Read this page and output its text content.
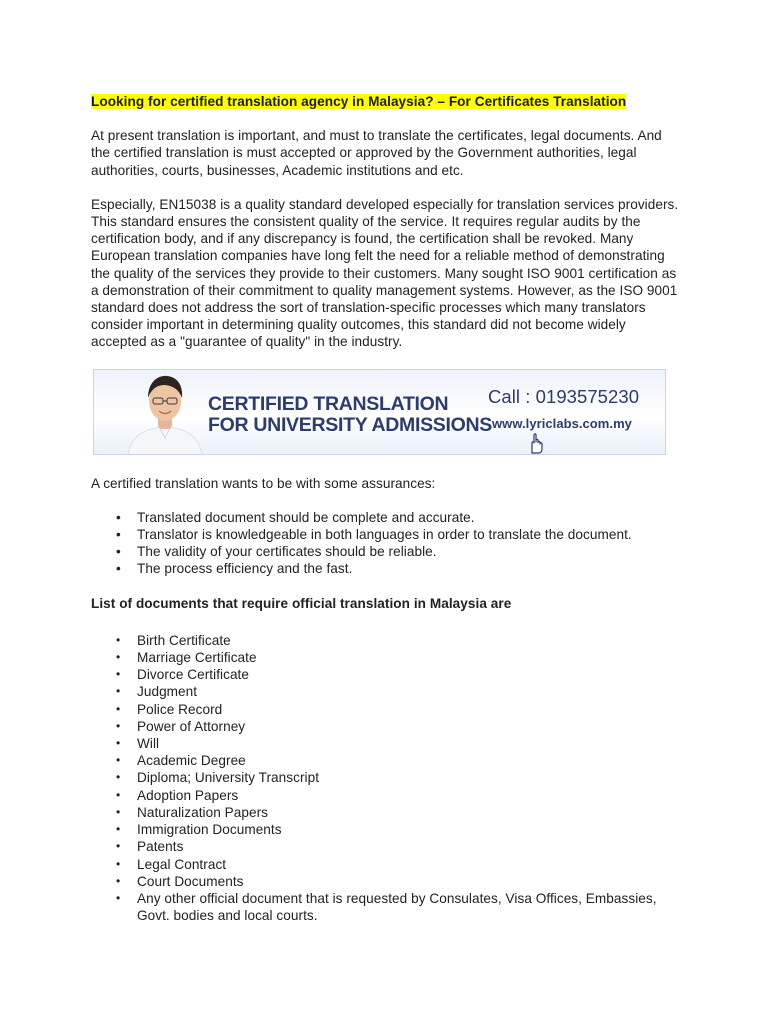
Looking for certified translation agency in Malaysia? – For Certificates Translation

At present translation is important, and must to translate the certificates, legal documents. And the certified translation is must accepted or approved by the Government authorities, legal authorities, courts, businesses, Academic institutions and etc.

Especially, EN15038 is a quality standard developed especially for translation services providers. This standard ensures the consistent quality of the service. It requires regular audits by the certification body, and if any discrepancy is found, the certification shall be revoked. Many European translation companies have long felt the need for a reliable method of demonstrating the quality of the services they provide to their customers. Many sought ISO 9001 certification as a demonstration of their commitment to quality management systems. However, as the ISO 9001 standard does not address the sort of translation-specific processes which many translators consider important in determining quality outcomes, this standard did not become widely accepted as a "guarantee of quality" in the industry.

CERTIFIED TRANSLATION
FOR UNIVERSITY ADMISSIONS
Call : 0193575230
www.lyriclabs.com.my

A certified translation wants to be with some assurances:

• Translated document should be complete and accurate.
• Translator is knowledgeable in both languages in order to translate the document.
• The validity of your certificates should be reliable.
• The process efficiency and the fast.
List of documents that require official translation in Malaysia are
• Birth Certificate
• Marriage Certificate
• Divorce Certificate
• Judgment
• Police Record
• Power of Attorney
• Will
• Academic Degree
• Diploma; University Transcript
• Adoption Papers
• Naturalization Papers
• Immigration Documents
• Patents
• Legal Contract
• Court Documents
• Any other official document that is requested by Consulates, Visa Offices, Embassies, Govt. bodies and local courts.
